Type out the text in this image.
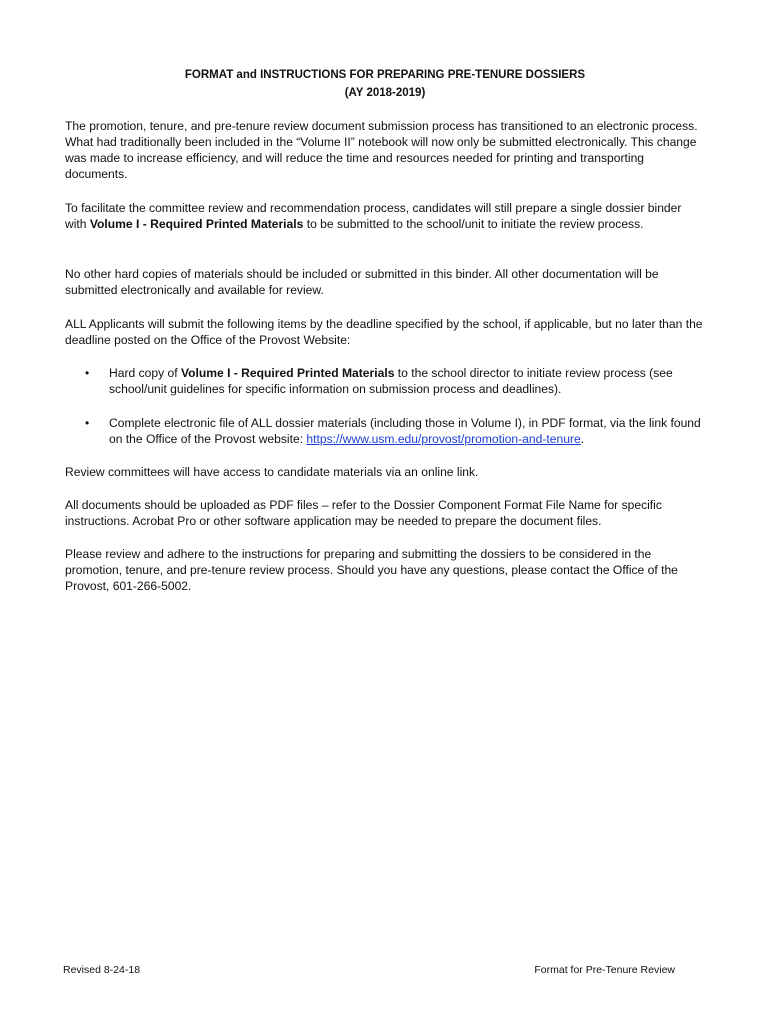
FORMAT and INSTRUCTIONS FOR PREPARING PRE-TENURE DOSSIERS
(AY 2018-2019)

The promotion, tenure, and pre-tenure review document submission process has transitioned to an electronic process. What had traditionally been included in the “Volume II” notebook will now only be submitted electronically. This change was made to increase efficiency, and will reduce the time and resources needed for printing and transporting documents.

To facilitate the committee review and recommendation process, candidates will still prepare a single dossier binder with Volume I - Required Printed Materials to be submitted to the school/unit to initiate the review process.

No other hard copies of materials should be included or submitted in this binder. All other documentation will be submitted electronically and available for review.

ALL Applicants will submit the following items by the deadline specified by the school, if applicable, but no later than the deadline posted on the Office of the Provost Website:

• Hard copy of Volume I - Required Printed Materials to the school director to initiate review process (see school/unit guidelines for specific information on submission process and deadlines).
• Complete electronic file of ALL dossier materials (including those in Volume I), in PDF format, via the link found on the Office of the Provost website: https://www.usm.edu/provost/promotion-and-tenure.

Review committees will have access to candidate materials via an online link.

All documents should be uploaded as PDF files – refer to the Dossier Component Format File Name for specific instructions. Acrobat Pro or other software application may be needed to prepare the document files.

Please review and adhere to the instructions for preparing and submitting the dossiers to be considered in the promotion, tenure, and pre-tenure review process. Should you have any questions, please contact the Office of the Provost, 601-266-5002.

Revised 8-24-18	Format for Pre-Tenure Review
